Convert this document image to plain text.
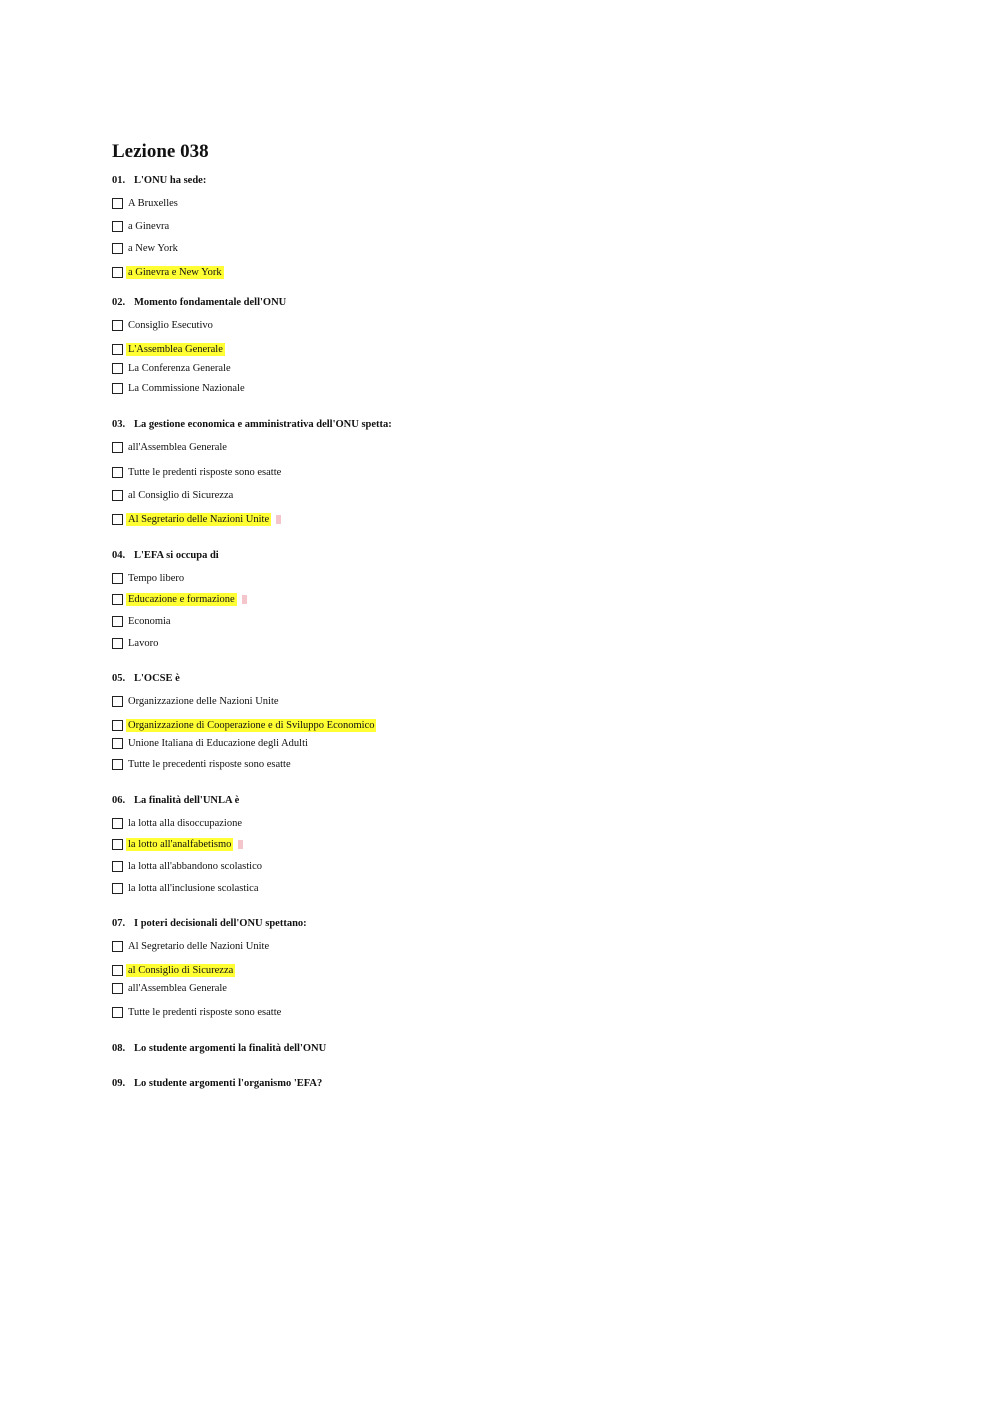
Lezione 038
01. L'ONU ha sede:
A Bruxelles
a Ginevra
a New York
a Ginevra e New York
02. Momento fondamentale dell'ONU
Consiglio Esecutivo
L'Assemblea Generale
La Conferenza Generale
La Commissione Nazionale
03. La gestione economica e amministrativa dell'ONU spetta:
all'Assemblea Generale
Tutte le predenti risposte sono esatte
al Consiglio di Sicurezza
Al Segretario delle Nazioni Unite
04. L'EFA si occupa di
Tempo libero
Educazione e formazione
Economia
Lavoro
05. L'OCSE è
Organizzazione delle Nazioni Unite
Organizzazione di Cooperazione e di Sviluppo Economico
Unione Italiana di Educazione degli Adulti
Tutte le precedenti risposte sono esatte
06. La finalità dell'UNLA è
la lotta alla disoccupazione
la lotto all'analfabetismo
la lotta all'abbandono scolastico
la lotta all'inclusione scolastica
07. I poteri decisionali dell'ONU spettano:
Al Segretario delle Nazioni Unite
al Consiglio di Sicurezza
all'Assemblea Generale
Tutte le predenti risposte sono esatte
08. Lo studente argomenti la finalità dell'ONU
09. Lo studente argomenti l'organismo 'EFA?
